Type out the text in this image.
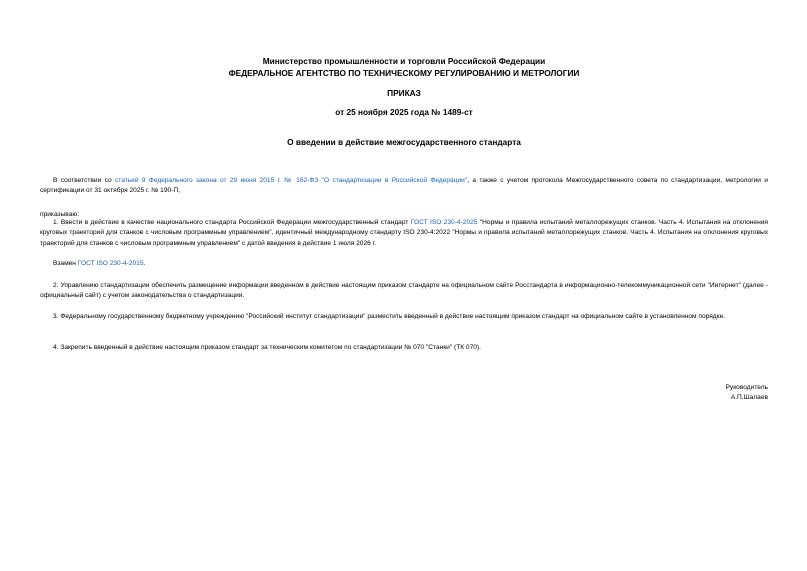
Министерство промышленности и торговли Российской Федерации
ФЕДЕРАЛЬНОЕ АГЕНТСТВО ПО ТЕХНИЧЕСКОМУ РЕГУЛИРОВАНИЮ И МЕТРОЛОГИИ
ПРИКАЗ
от 25 ноября 2025 года № 1489-ст
О введении в действие межгосударственного стандарта
В соответствии со статьей 9 Федерального закона от 29 июня 2015 г. № 162-ФЗ "О стандартизации в Российской Федерации", а также с учетом протокола Межгосударственного совета по стандартизации, метрологии и сертификации от 31 октября 2025 г. № 190-П,
приказываю:
1. Ввести в действие в качестве национального стандарта Российской Федерации межгосударственный стандарт ГОСТ ISO 230-4-2025 "Нормы и правила испытаний металлорежущих станков. Часть 4. Испытания на отклонения круговых траекторий для станков с числовым программным управлением", идентичный международному стандарту ISO 230-4:2022 "Нормы и правила испытаний металлорежущих станков. Часть 4. Испытания на отклонения круговых траекторий для станков с числовым программным управлением" с датой введения в действие 1 июля 2026 г.
Взамен ГОСТ ISO 230-4-2015.
2. Управлению стандартизации обеспечить размещение информации введенном в действие настоящим приказом стандарте на официальном сайте Росстандарта в информационно-телекоммуникационной сети "Интернет" (далее - официальный сайт) с учетом законодательства о стандартизации.
3. Федеральному государственному бюджетному учреждению "Российский институт стандартизации" разместить введенный в действие настоящим приказом стандарт на официальном сайте в установленном порядке.
4. Закрепить введенный в действие настоящим приказом стандарт за техническим комитетом по стандартизации № 070 "Станки" (ТК 070).
Руководитель
А.П.Шалаев
